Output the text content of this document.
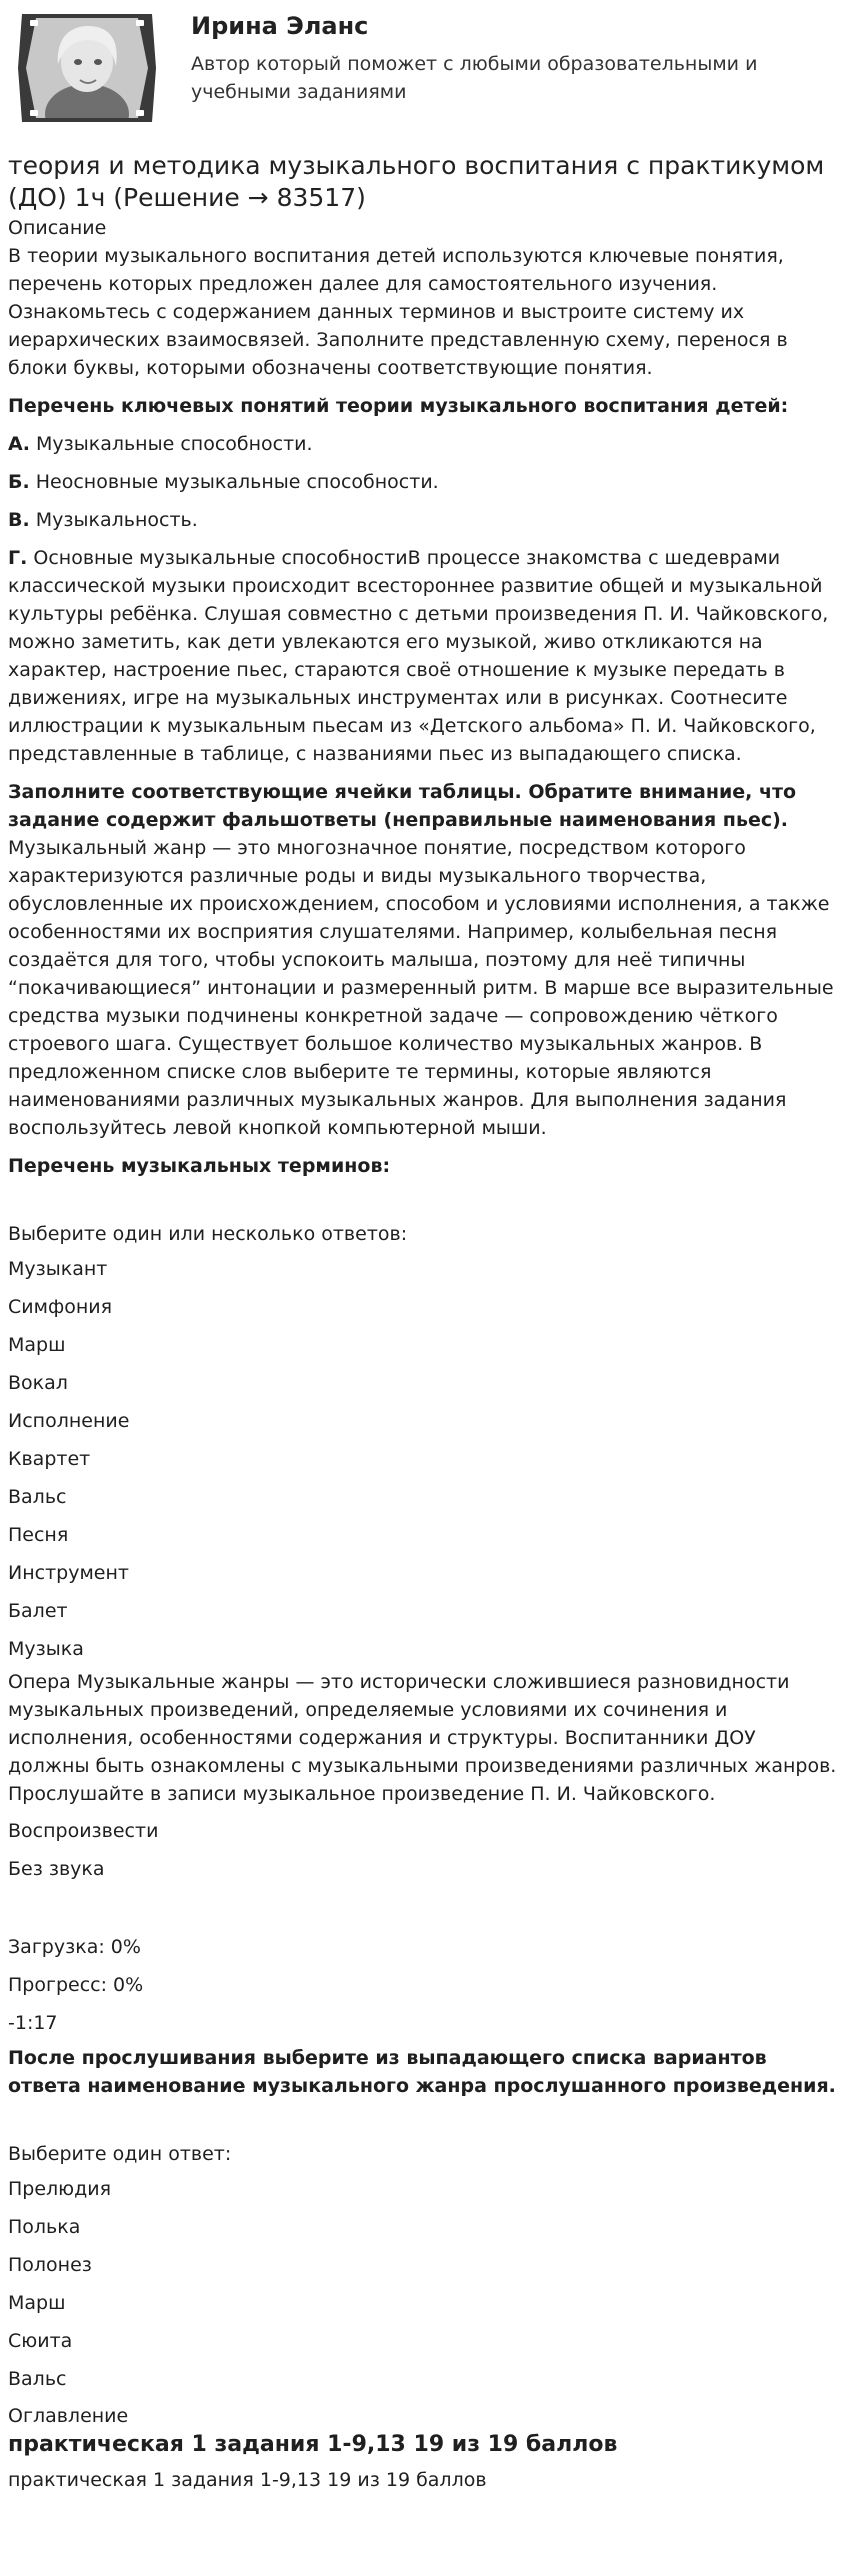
Ирина Эланс
Автор который поможет с любыми образовательными и учебными заданиями
теория и методика музыкального воспитания с практикумом (ДО) 1ч (Решение → 83517)

Описание

В теории музыкального воспитания детей используются ключевые понятия, перечень которых предложен далее для самостоятельного изучения. Ознакомьтесь с содержанием данных терминов и выстроите систему их иерархических взаимосвязей. Заполните представленную схему, перенося в блоки буквы, которыми обозначены соответствующие понятия.

Перечень ключевых понятий теории музыкального воспитания детей:

А. Музыкальные способности.

Б. Неосновные музыкальные способности.

В. Музыкальность.

Г. Основные музыкальные способностиВ процессе знакомства с шедеврами классической музыки происходит всестороннее развитие общей и музыкальной культуры ребёнка. Слушая совместно с детьми произведения П. И. Чайковского, можно заметить, как дети увлекаются его музыкой, живо откликаются на характер, настроение пьес, стараются своё отношение к музыке передать в движениях, игре на музыкальных инструментах или в рисунках. Соотнесите иллюстрации к музыкальным пьесам из «Детского альбома» П. И. Чайковского, представленные в таблице, с названиями пьес из выпадающего списка.

Заполните соответствующие ячейки таблицы. Обратите внимание, что задание содержит фальшответы (неправильные наименования пьес).

Музыкальный жанр — это многозначное понятие, посредством которого характеризуются различные роды и виды музыкального творчества, обусловленные их происхождением, способом и условиями исполнения, а также особенностями их восприятия слушателями. Например, колыбельная песня создаётся для того, чтобы успокоить малыша, поэтому для неё типичны “покачивающиеся” интонации и размеренный ритм. В марше все выразительные средства музыки подчинены конкретной задаче — сопровождению чёткого строевого шага. Существует большое количество музыкальных жанров. В предложенном списке слов выберите те термины, которые являются наименованиями различных музыкальных жанров. Для выполнения задания воспользуйтесь левой кнопкой компьютерной мыши.

Перечень музыкальных терминов:

Выберите один или несколько ответов:

Музыкант
Симфония
Марш
Вокал
Исполнение
Квартет
Вальс
Песня
Инструмент
Балет
Музыка

Опера Музыкальные жанры — это исторически сложившиеся разновидности музыкальных произведений, определяемые условиями их сочинения и исполнения, особенностями содержания и структуры. Воспитанники ДОУ должны быть ознакомлены с музыкальными произведениями различных жанров. Прослушайте в записи музыкальное произведение П. И. Чайковского.

Воспроизвести
Без звука
Загрузка: 0%
Прогресс: 0%
-1:17

После прослушивания выберите из выпадающего списка вариантов ответа наименование музыкального жанра прослушанного произведения.

Выберите один ответ:

Прелюдия
Полька
Полонез
Марш
Сюита
Вальс

Оглавление

практическая 1 задания 1-9,13 19 из 19 баллов

практическая 1 задания 1-9,13 19 из 19 баллов
